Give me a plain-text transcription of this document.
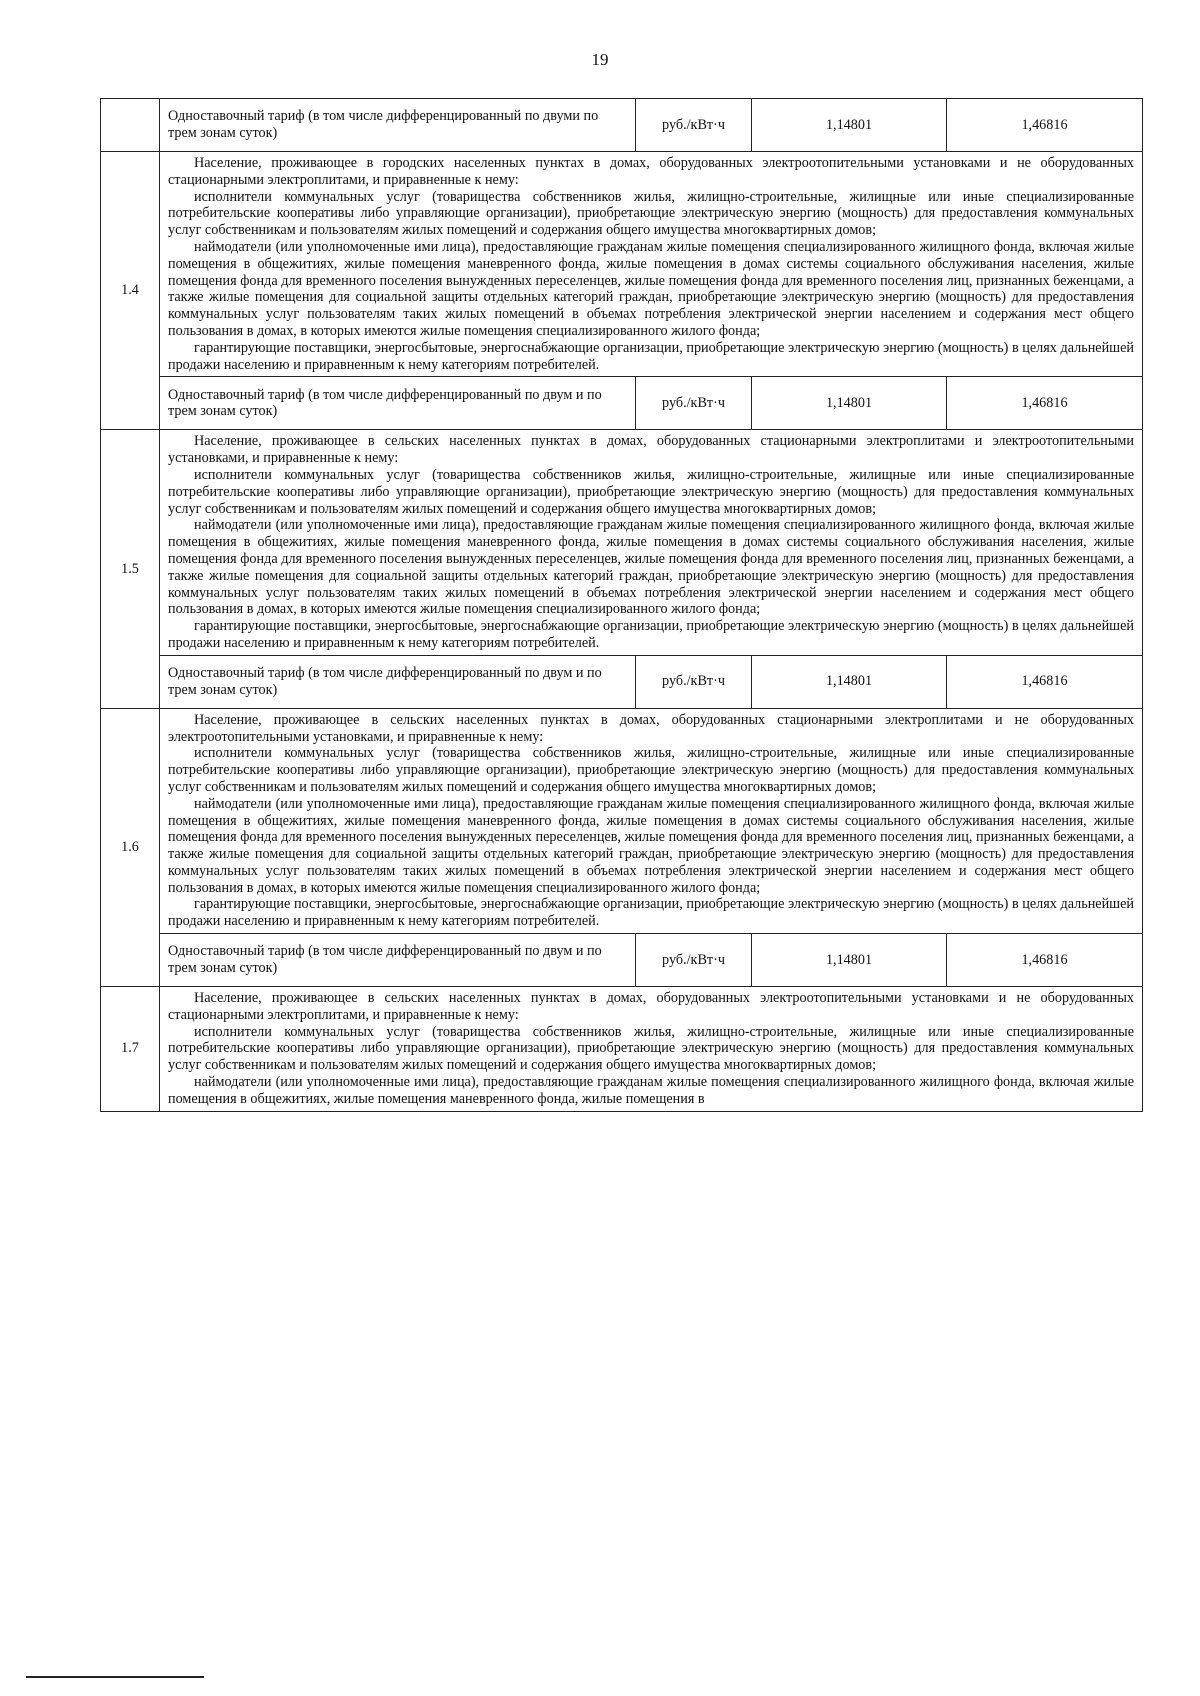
19
	Одноставочный тариф (в том числе дифференцированный по двуми по трем зонам суток)	руб./кВт·ч	1,14801	1,46816
1.4	Население, проживающее в городских населенных пунктах в домах, оборудованных электроотопительными установками и не оборудованных стационарными электроплитами, и приравненные к нему:

исполнители коммунальных услуг (товарищества собственников жилья, жилищно-строительные, жилищные или иные специализированные потребительские кооперативы либо управляющие организации), приобретающие электрическую энергию (мощность) для предоставления коммунальных услуг собственникам и пользователям жилых помещений и содержания общего имущества многоквартирных домов;

наймодатели (или уполномоченные ими лица), предоставляющие гражданам жилые помещения специализированного жилищного фонда, включая жилые помещения в общежитиях, жилые помещения маневренного фонда, жилые помещения в домах системы социального обслуживания населения, жилые помещения фонда для временного поселения вынужденных переселенцев, жилые помещения фонда для временного поселения лиц, признанных беженцами, а также жилые помещения для социальной защиты отдельных категорий граждан, приобретающие электрическую энергию (мощность) для предоставления коммунальных услуг пользователям таких жилых помещений в объемах потребления электрической энергии населением и содержания мест общего пользования в домах, в которых имеются жилые помещения специализированного жилого фонда;

гарантирующие поставщики, энергосбытовые, энергоснабжающие организации, приобретающие электрическую энергию (мощность) в целях дальнейшей продажи населению и приравненным к нему категориям потребителей.			

	Одноставочный тариф (в том числе дифференцированный по двум и по трем зонам суток)	руб./кВт·ч	1,14801	1,46816
1.5	Население, проживающее в сельских населенных пунктах в домах, оборудованных стационарными электроплитами и электроотопительными установками, и приравненные к нему:

исполнители коммунальных услуг (товарищества собственников жилья, жилищно-строительные, жилищные или иные специализированные потребительские кооперативы либо управляющие организации), приобретающие электрическую энергию (мощность) для предоставления коммунальных услуг собственникам и пользователям жилых помещений и содержания общего имущества многоквартирных домов;

наймодатели (или уполномоченные ими лица), предоставляющие гражданам жилые помещения специализированного жилищного фонда, включая жилые помещения в общежитиях, жилые помещения маневренного фонда, жилые помещения в домах системы социального обслуживания населения, жилые помещения фонда для временного поселения вынужденных переселенцев, жилые помещения фонда для временного поселения лиц, признанных беженцами, а также жилые помещения для социальной защиты отдельных категорий граждан, приобретающие электрическую энергию (мощность) для предоставления коммунальных услуг пользователям таких жилых помещений в объемах потребления электрической энергии населением и содержания мест общего пользования в домах, в которых имеются жилые помещения специализированного жилого фонда;

гарантирующие поставщики, энергосбытовые, энергоснабжающие организации, приобретающие электрическую энергию (мощность) в целях дальнейшей продажи населению и приравненным к нему категориям потребителей.			

	Одноставочный тариф (в том числе дифференцированный по двум и по трем зонам суток)	руб./кВт·ч	1,14801	1,46816
1.6	Население, проживающее в сельских населенных пунктах в домах, оборудованных стационарными электроплитами и не оборудованных электроотопительными установками, и приравненные к нему:

исполнители коммунальных услуг (товарищества собственников жилья, жилищно-строительные, жилищные или иные специализированные потребительские кооперативы либо управляющие организации), приобретающие электрическую энергию (мощность) для предоставления коммунальных услуг собственникам и пользователям жилых помещений и содержания общего имущества многоквартирных домов;

наймодатели (или уполномоченные ими лица), предоставляющие гражданам жилые помещения специализированного жилищного фонда, включая жилые помещения в общежитиях, жилые помещения маневренного фонда, жилые помещения в домах системы социального обслуживания населения, жилые помещения фонда для временного поселения вынужденных переселенцев, жилые помещения фонда для временного поселения лиц, признанных беженцами, а также жилые помещения для социальной защиты отдельных категорий граждан, приобретающие электрическую энергию (мощность) для предоставления коммунальных услуг пользователям таких жилых помещений в объемах потребления электрической энергии населением и содержания мест общего пользования в домах, в которых имеются жилые помещения специализированного жилого фонда;

гарантирующие поставщики, энергосбытовые, энергоснабжающие организации, приобретающие электрическую энергию (мощность) в целях дальнейшей продажи населению и приравненным к нему категориям потребителей.			

	Одноставочный тариф (в том числе дифференцированный по двум и по трем зонам суток)	руб./кВт·ч	1,14801	1,46816
1.7	Население, проживающее в сельских населенных пунктах в домах, оборудованных электроотопительными установками и не оборудованных стационарными электроплитами, и приравненные к нему:

исполнители коммунальных услуг (товарищества собственников жилья, жилищно-строительные, жилищные или иные специализированные потребительские кооперативы либо управляющие организации), приобретающие электрическую энергию (мощность) для предоставления коммунальных услуг собственникам и пользователям жилых помещений и содержания общего имущества многоквартирных домов;

наймодатели (или уполномоченные ими лица), предоставляющие гражданам жилые помещения специализированного жилищного фонда, включая жилые помещения в общежитиях, жилые помещения маневренного фонда, жилые помещения в			
